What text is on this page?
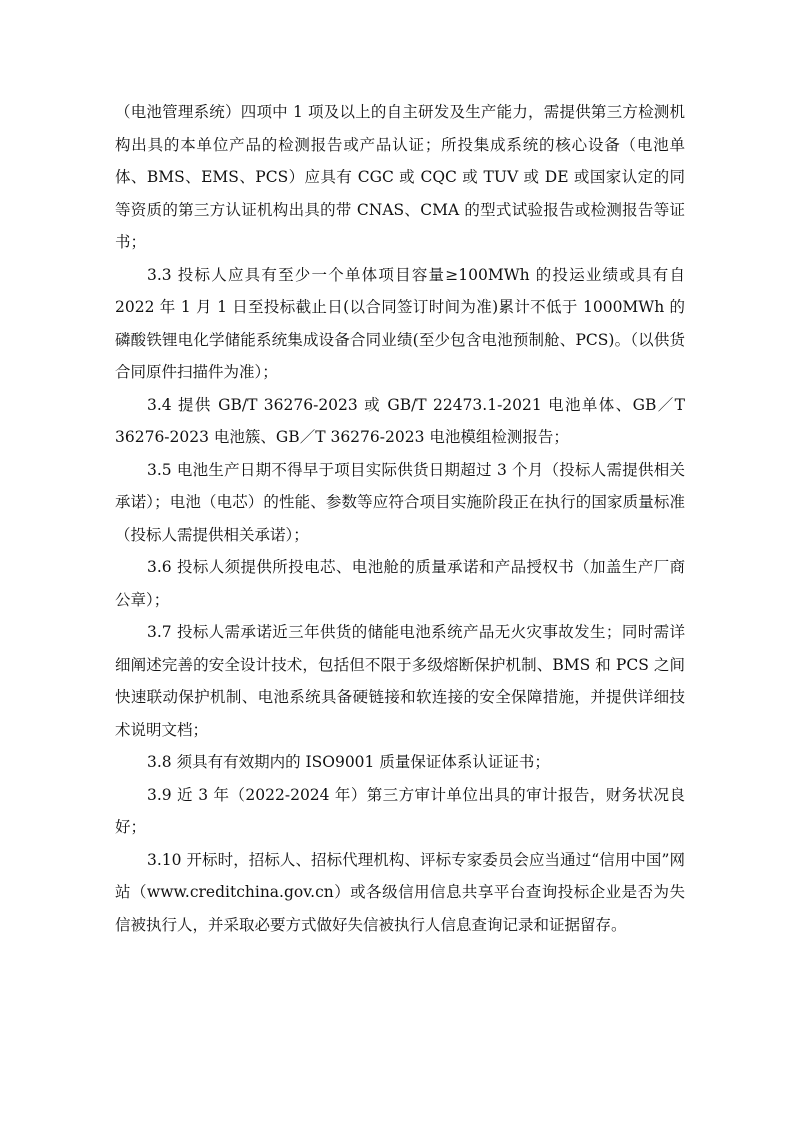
（电池管理系统）四项中 1 项及以上的自主研发及生产能力，需提供第三方检测机构出具的本单位产品的检测报告或产品认证；所投集成系统的核心设备（电池单体、BMS、EMS、PCS）应具有 CGC 或 CQC 或 TUV 或 DE 或国家认定的同等资质的第三方认证机构出具的带 CNAS、CMA 的型式试验报告或检测报告等证书；

3.3 投标人应具有至少一个单体项目容量≥100MWh 的投运业绩或具有自 2022 年 1 月 1 日至投标截止日(以合同签订时间为准)累计不低于 1000MWh 的磷酸铁锂电化学储能系统集成设备合同业绩(至少包含电池预制舱、PCS)。（以供货合同原件扫描件为准）；

3.4 提供 GB/T 36276-2023 或 GB/T 22473.1-2021 电池单体、GB／T 36276-2023 电池簇、GB／T 36276-2023 电池模组检测报告；

3.5 电池生产日期不得早于项目实际供货日期超过 3 个月（投标人需提供相关承诺）；电池（电芯）的性能、参数等应符合项目实施阶段正在执行的国家质量标准（投标人需提供相关承诺）；

3.6 投标人须提供所投电芯、电池舱的质量承诺和产品授权书（加盖生产厂商公章）；

3.7 投标人需承诺近三年供货的储能电池系统产品无火灾事故发生；同时需详细阐述完善的安全设计技术，包括但不限于多级熔断保护机制、BMS 和 PCS 之间快速联动保护机制、电池系统具备硬链接和软连接的安全保障措施，并提供详细技术说明文档；

3.8 须具有有效期内的 ISO9001 质量保证体系认证证书；

3.9 近 3 年（2022-2024 年）第三方审计单位出具的审计报告，财务状况良好；

3.10 开标时，招标人、招标代理机构、评标专家委员会应当通过“信用中国”网站（www.creditchina.gov.cn）或各级信用信息共享平台查询投标企业是否为失信被执行人，并采取必要方式做好失信被执行人信息查询记录和证据留存。
